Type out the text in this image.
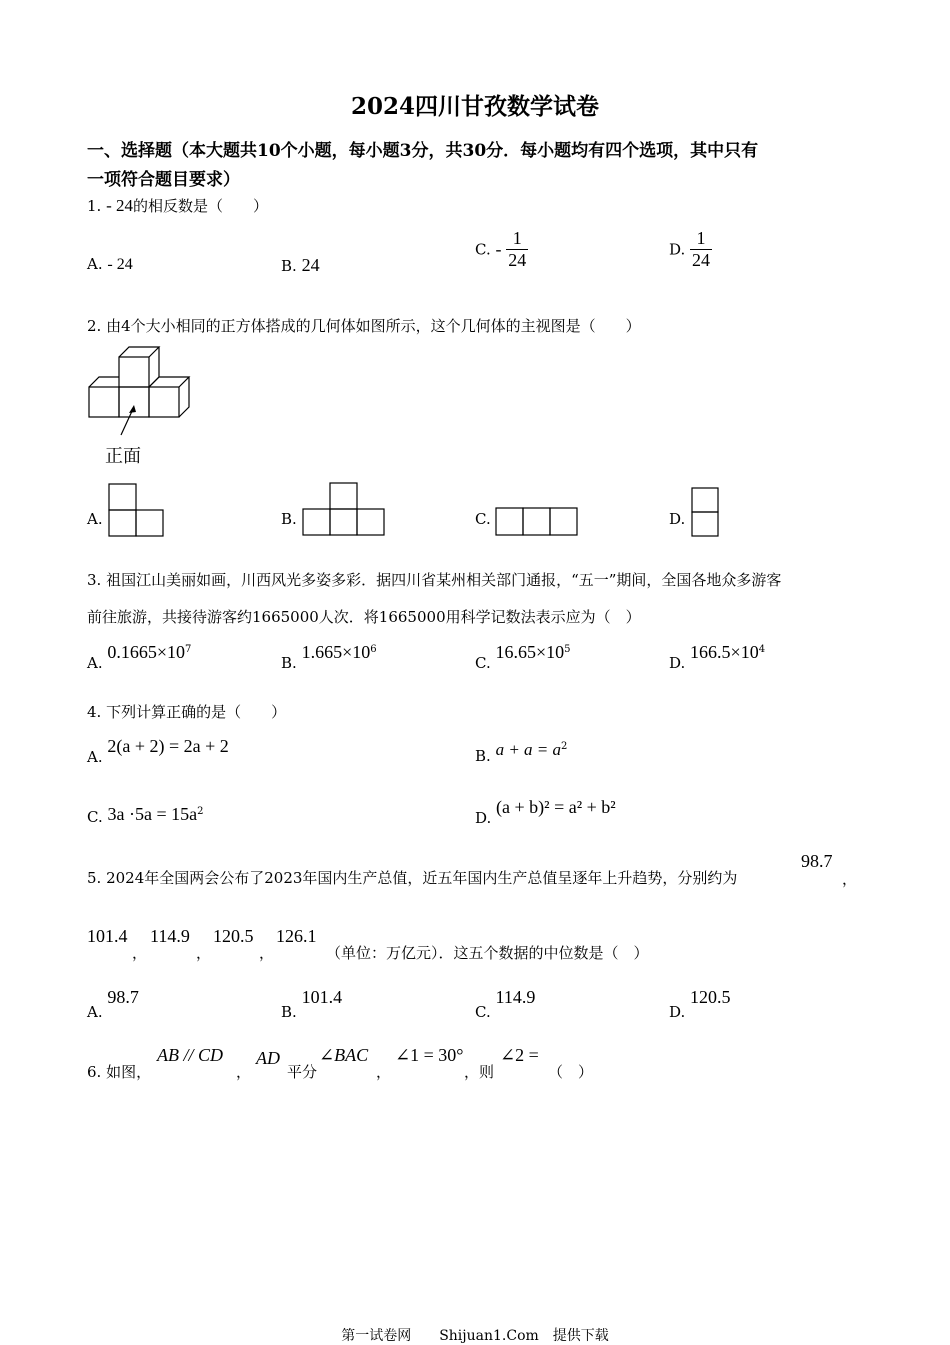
2024四川甘孜数学试卷
一、选择题（本大题共10个小题，每小题3分，共30分．每小题均有四个选项，其中只有
一项符合题目要求）
1. - 24的相反数是（　　）
A. - 24	B. 24
C. - $\frac{1}{24}$	D. $\frac{1}{24}$
2. 由4个大小相同的正方体搭成的几何体如图所示，这个几何体的主视图是（　　）
正面
A.	B.	C.	D.
3. 祖国江山美丽如画，川西风光多姿多彩．据四川省某州相关部门通报，“五一”期间，全国各地众多游客
前往旅游，共接待游客约1665000人次．将1665000用科学记数法表示应为（　）
A. $0.1665\times 10^7$
B. $1.665\times 10^6$
C. $16.65\times 10^5$
D. $166.5\times 10^4$
4. 下列计算正确的是（　　）
A. 2(a + 2) = 2a + 2	B. $a + a = a^2$
C. $3a \cdot 5a = 15a^2$	D. (a + b)² = a² + b²
5. 2024年全国两会公布了2023年国内生产总值，近五年国内生产总值呈逐年上升趋势，分别约为
98.7
，
101.4
，
114.9
，
120.5
，
126.1
（单位：万亿元）．这五个数据的中位数是（　）
A. 98.7
B. 101.4
C. 114.9
D. 120.5
6. 如图，
AB // CD
，
AD
平分
∠BAC
，
∠1 = 30°
，则
∠2 =
（　）
第一试卷网　　Shijuan1.Com　提供下载
